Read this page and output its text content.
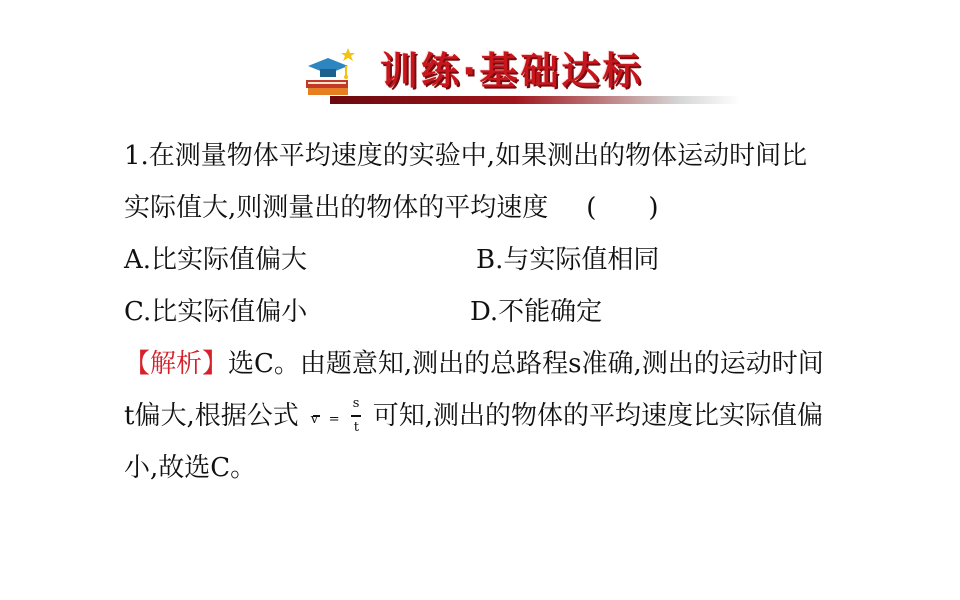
训练·基础达标
1.在测量物体平均速度的实验中,如果测出的物体运动时间比
实际值大,则测量出的物体的平均速度 (　　)
A.比实际值偏大	B.与实际值相同
C.比实际值偏小	D.不能确定
【解析】选C。由题意知,测出的总路程s准确,测出的运动时间
t偏大,根据公式 v =
s
t 可知,测出的物体的平均速度比实际值偏
小,故选C。
